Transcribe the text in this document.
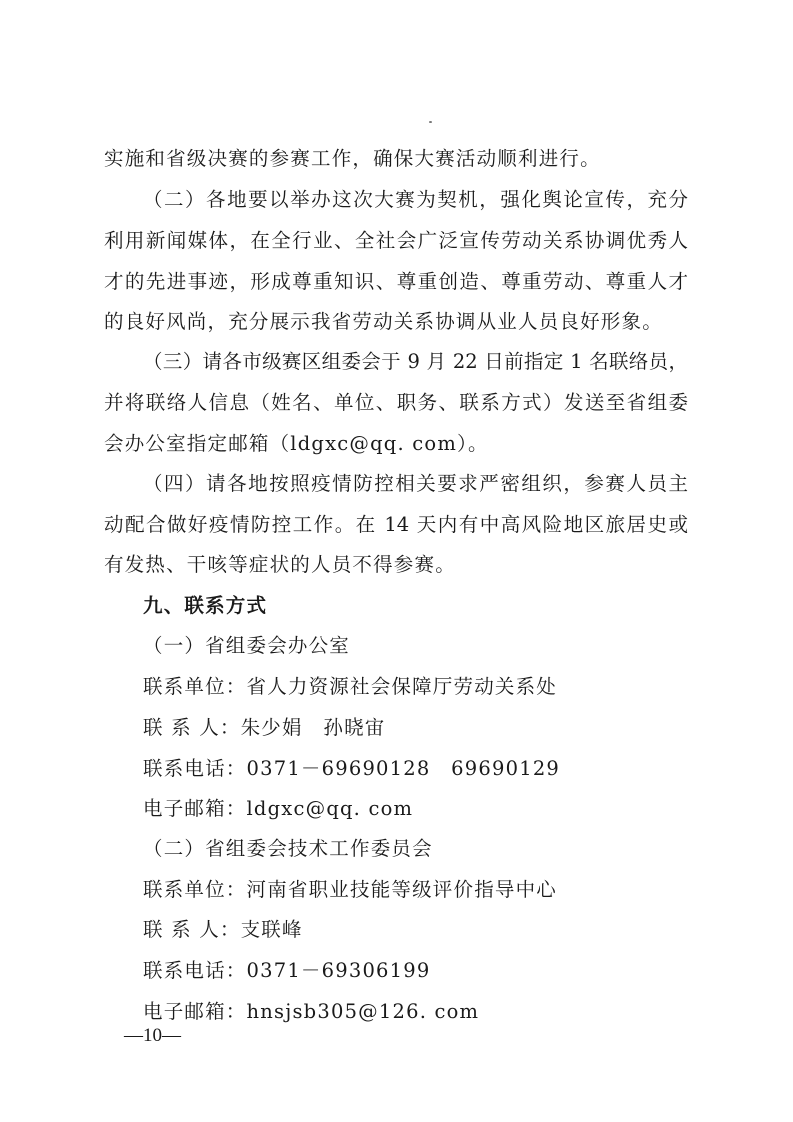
实施和省级决赛的参赛工作，确保大赛活动顺利进行。
（二）各地要以举办这次大赛为契机，强化舆论宣传，充分
利用新闻媒体，在全行业、全社会广泛宣传劳动关系协调优秀人
才的先进事迹，形成尊重知识、尊重创造、尊重劳动、尊重人才
的良好风尚，充分展示我省劳动关系协调从业人员良好形象。
（三）请各市级赛区组委会于 9 月 22 日前指定 1 名联络员，
并将联络人信息（姓名、单位、职务、联系方式）发送至省组委
会办公室指定邮箱（ldgxc@qq. com）。
（四）请各地按照疫情防控相关要求严密组织，参赛人员主
动配合做好疫情防控工作。在 14 天内有中高风险地区旅居史或
有发热、干咳等症状的人员不得参赛。
九、联系方式
（一）省组委会办公室
联系单位：省人力资源社会保障厅劳动关系处
联 系 人：朱少娟　孙晓宙
联系电话：0371－69690128　69690129
电子邮箱：ldgxc@qq. com
（二）省组委会技术工作委员会
联系单位：河南省职业技能等级评价指导中心
联 系 人：支联峰
联系电话：0371－69306199
电子邮箱：hnsjsb305@126. com
—10—
